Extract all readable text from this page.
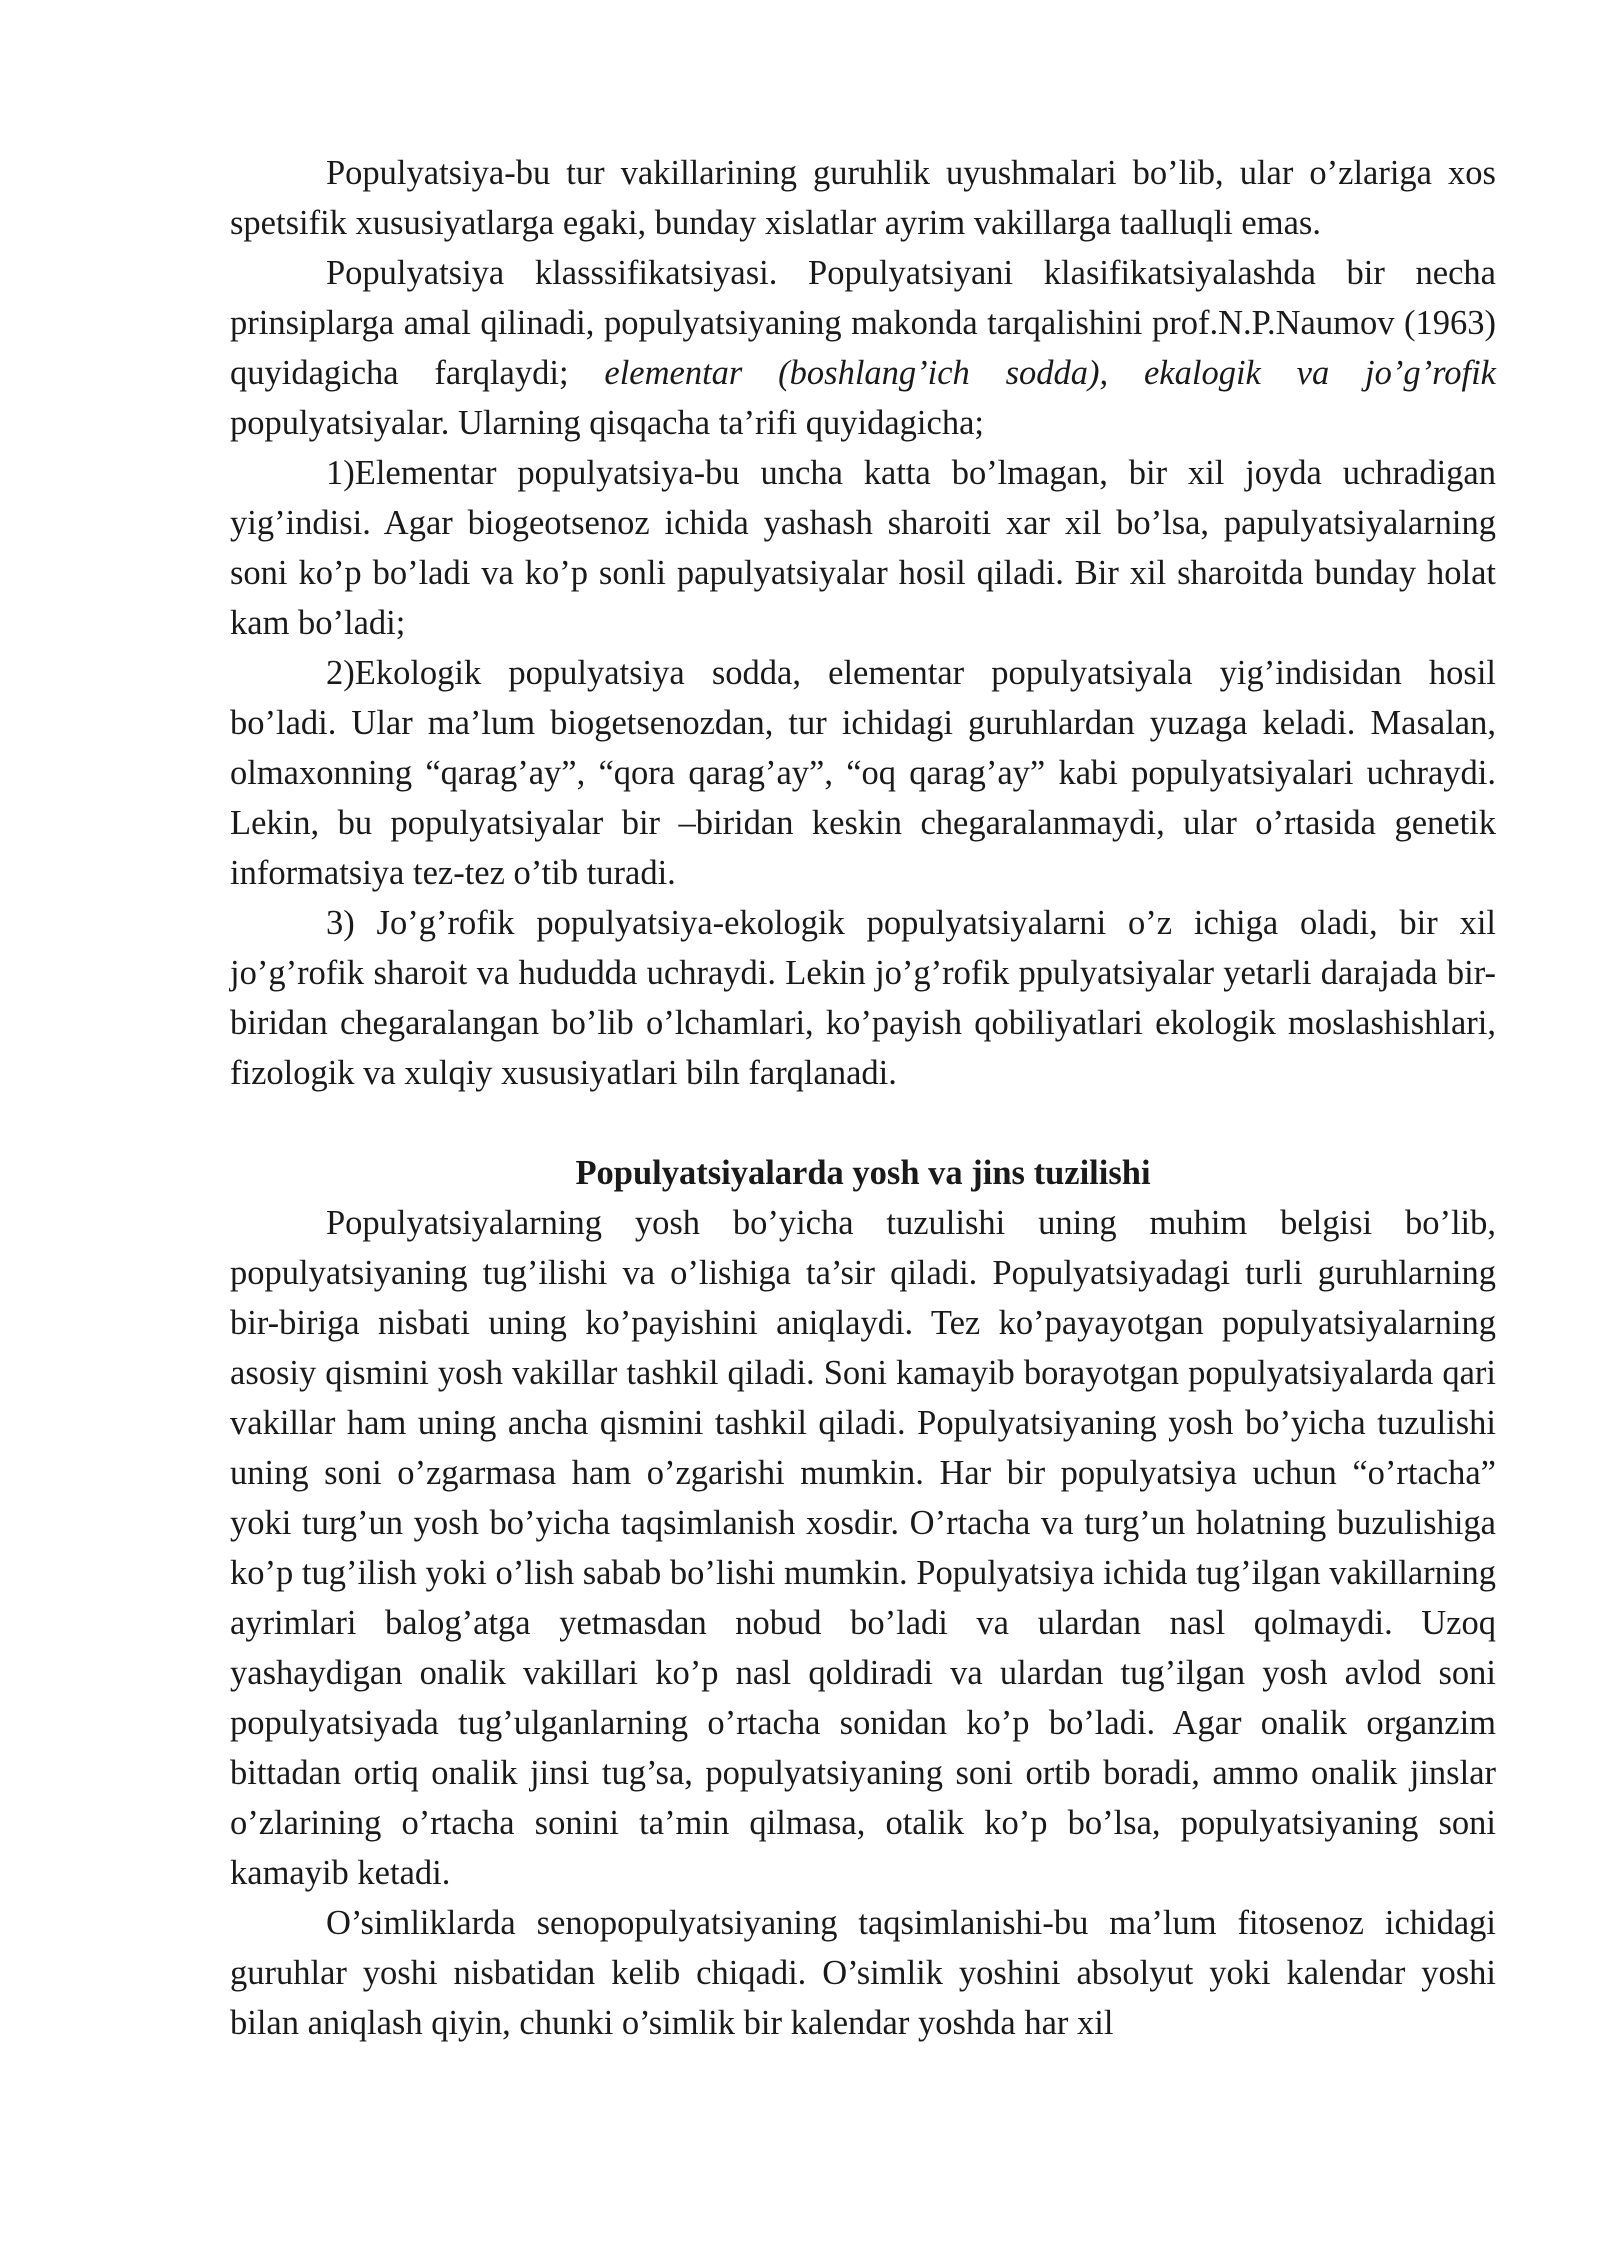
Populyatsiya-bu tur vakillarining guruhlik uyushmalari bo’lib, ular o’zlariga xos spetsifik xususiyatlarga egaki, bunday xislatlar ayrim vakillarga taalluqli emas.

Populyatsiya klasssifikatsiyasi. Populyatsiyani klasifikatsiyalashda bir necha prinsiplarga amal qilinadi, populyatsiyaning makonda tarqalishini prof.N.P.Naumov (1963) quyidagicha farqlaydi; elementar (boshlang’ich sodda), ekalogik va jo’g’rofik populyatsiyalar. Ularning qisqacha ta’rifi quyidagicha;

1)Elementar populyatsiya-bu uncha katta bo’lmagan, bir xil joyda uchradigan yig’indisi. Agar biogeotsenoz ichida yashash sharoiti xar xil bo’lsa, papulyatsiyalarning soni ko’p bo’ladi va ko’p sonli papulyatsiyalar hosil qiladi. Bir xil sharoitda bunday holat kam bo’ladi;

2)Ekologik populyatsiya sodda, elementar populyatsiyala yig’indisidan hosil bo’ladi. Ular ma’lum biogetsenozdan, tur ichidagi guruhlardan yuzaga keladi. Masalan, olmaxonning “qarag’ay”, “qora qarag’ay”, “oq qarag’ay” kabi populyatsiyalari uchraydi. Lekin, bu populyatsiyalar bir –biridan keskin chegaralanmaydi, ular o’rtasida genetik informatsiya tez-tez o’tib turadi.

3) Jo’g’rofik populyatsiya-ekologik populyatsiyalarni o’z ichiga oladi, bir xil jo’g’rofik sharoit va hududda uchraydi. Lekin jo’g’rofik ppulyatsiyalar yetarli darajada bir-biridan chegaralangan bo’lib o’lchamlari, ko’payish qobiliyatlari ekologik moslashishlari, fizologik va xulqiy xususiyatlari biln farqlanadi.

Populyatsiyalarda yosh va jins tuzilishi

Populyatsiyalarning yosh bo’yicha tuzulishi uning muhim belgisi bo’lib, populyatsiyaning tug’ilishi va o’lishiga ta’sir qiladi. Populyatsiyadagi turli guruhlarning bir-biriga nisbati uning ko’payishini aniqlaydi. Tez ko’payayotgan populyatsiyalarning asosiy qismini yosh vakillar tashkil qiladi. Soni kamayib borayotgan populyatsiyalarda qari vakillar ham uning ancha qismini tashkil qiladi. Populyatsiyaning yosh bo’yicha tuzulishi uning soni o’zgarmasa ham o’zgarishi mumkin. Har bir populyatsiya uchun “o’rtacha” yoki turg’un yosh bo’yicha taqsimlanish xosdir. O’rtacha va turg’un holatning buzulishiga ko’p tug’ilish yoki o’lish sabab bo’lishi mumkin. Populyatsiya ichida tug’ilgan vakillarning ayrimlari balog’atga yetmasdan nobud bo’ladi va ulardan nasl qolmaydi. Uzoq yashaydigan onalik vakillari ko’p nasl qoldiradi va ulardan tug’ilgan yosh avlod soni populyatsiyada tug’ulganlarning o’rtacha sonidan ko’p bo’ladi. Agar onalik organzim bittadan ortiq onalik jinsi tug’sa, populyatsiyaning soni ortib boradi, ammo onalik jinslar o’zlarining o’rtacha sonini ta’min qilmasa, otalik ko’p bo’lsa, populyatsiyaning soni kamayib ketadi.

O’simliklarda senopopulyatsiyaning taqsimlanishi-bu ma’lum fitosenoz ichidagi guruhlar yoshi nisbatidan kelib chiqadi. O’simlik yoshini absolyut yoki kalendar yoshi bilan aniqlash qiyin, chunki o’simlik bir kalendar yoshda har xil
